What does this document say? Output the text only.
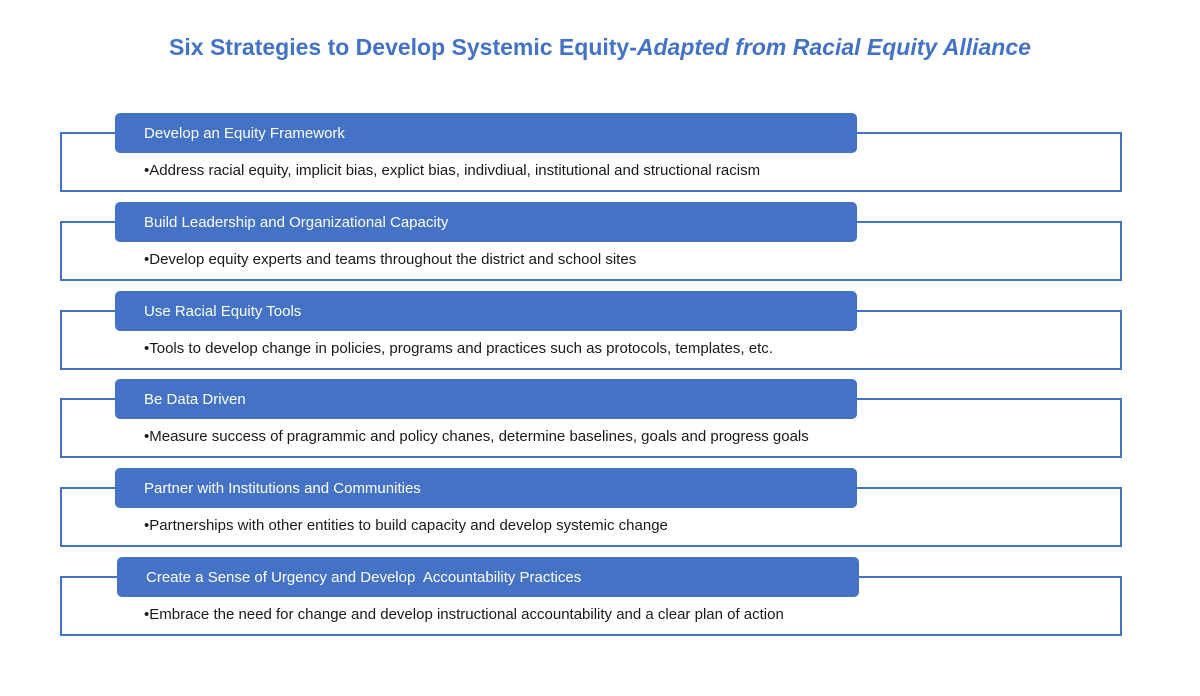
Six Strategies to Develop Systemic Equity-Adapted from Racial Equity Alliance
Develop an Equity Framework
•Address racial equity, implicit bias, explict bias, indivdiual, institutional and structional racism
Build Leadership and Organizational Capacity
•Develop equity experts and teams throughout the district and school sites
Use Racial Equity Tools
•Tools to develop change in policies, programs and practices such as protocols, templates, etc.
Be Data Driven
•Measure success of pragrammic and policy chanes, determine baselines, goals and progress goals
Partner with Institutions and Communities
•Partnerships with other entities to build capacity and develop systemic change
Create a Sense of Urgency and Develop  Accountability Practices
•Embrace the need for change and develop instructional accountability and a clear plan of action
